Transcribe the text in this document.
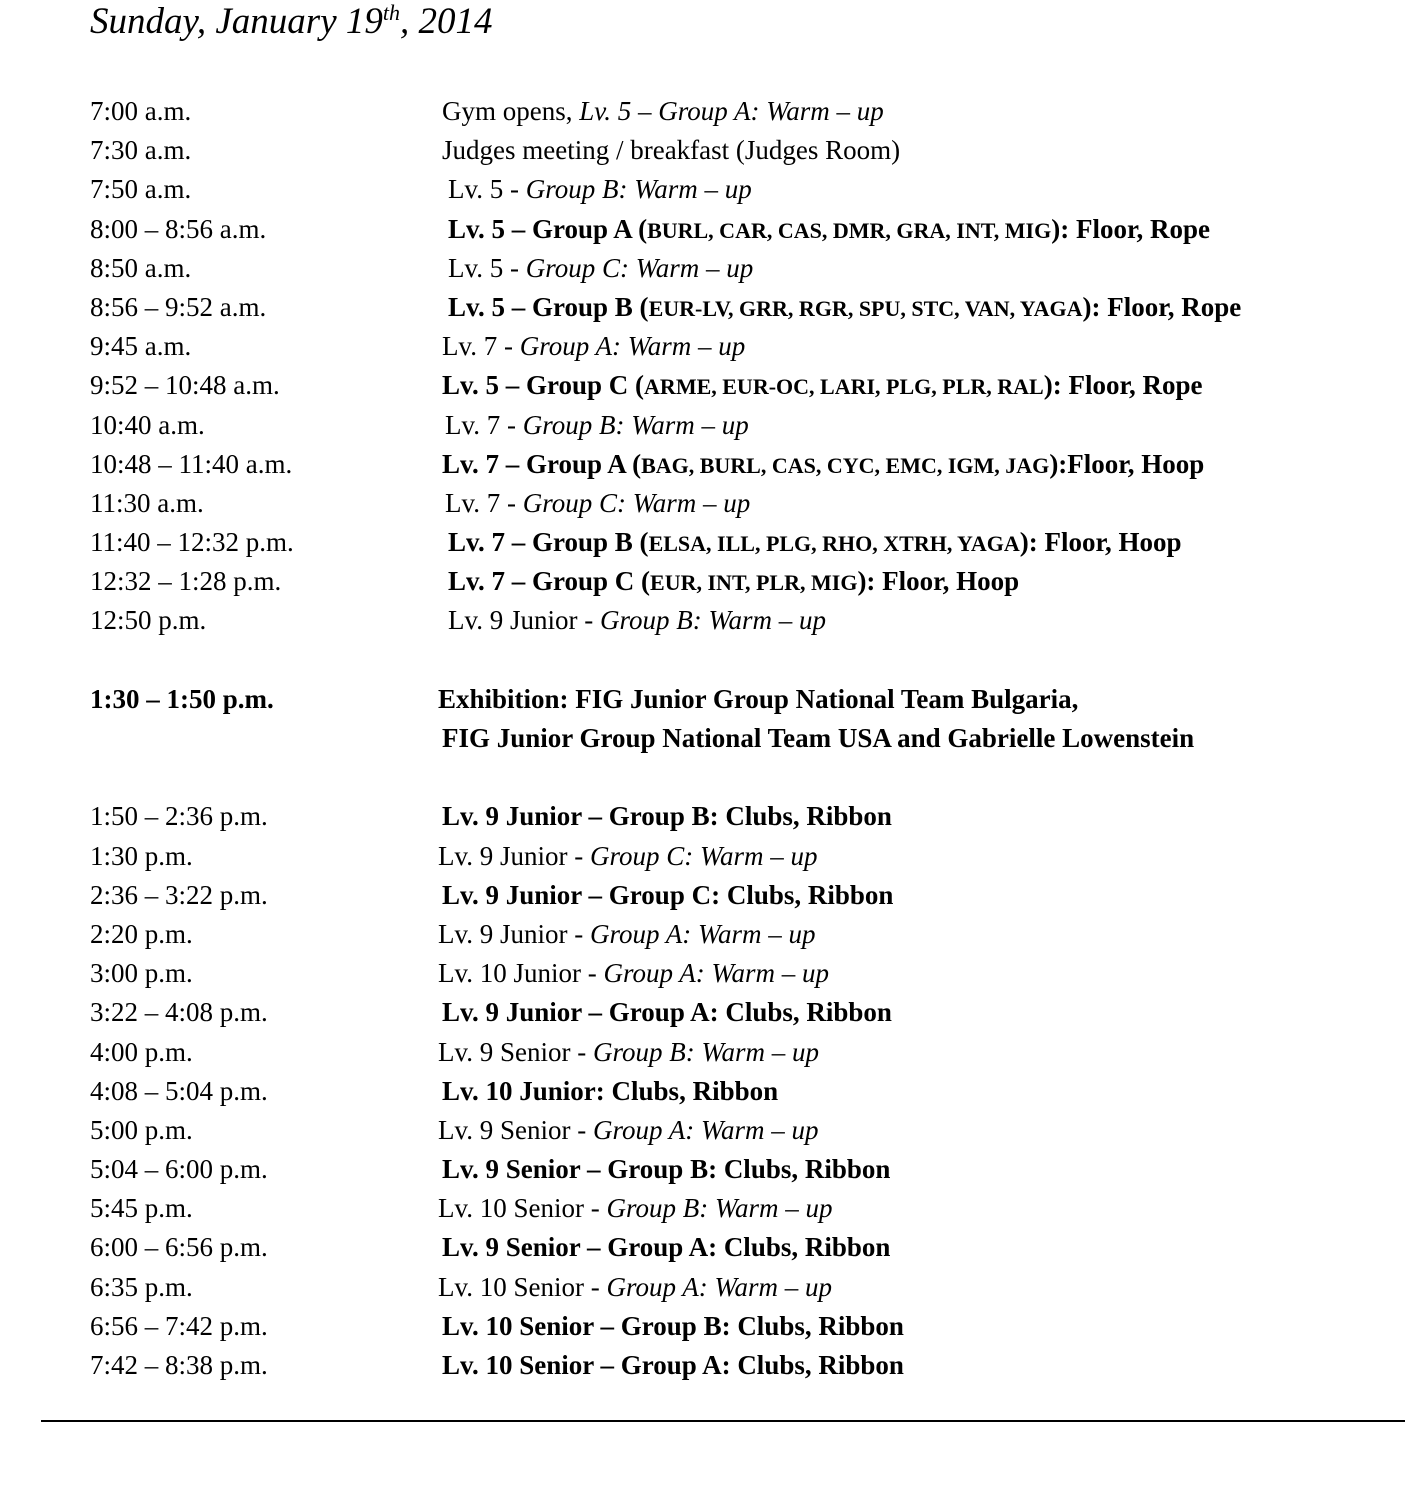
Sunday, January 19th, 2014
7:00 a.m.	Gym opens, Lv. 5 – Group A: Warm – up
7:30 a.m.	Judges meeting / breakfast (Judges Room)
7:50 a.m.	Lv. 5 - Group B: Warm – up
8:00 – 8:56 a.m.	Lv. 5 – Group A (BURL, CAR, CAS, DMR, GRA, INT, MIG): Floor, Rope
8:50 a.m.	Lv. 5 - Group C: Warm – up
8:56 – 9:52 a.m.	Lv. 5 – Group B (EUR-LV, GRR, RGR, SPU, STC, VAN, YAGA): Floor, Rope
9:45 a.m.	Lv. 7 - Group A: Warm – up
9:52 – 10:48 a.m.	Lv. 5 – Group C (ARME, EUR-OC, LARI, PLG, PLR, RAL): Floor, Rope
10:40 a.m.	Lv. 7 - Group B: Warm – up
10:48 – 11:40 a.m.	Lv. 7 – Group A (BAG, BURL, CAS, CYC, EMC, IGM, JAG):Floor, Hoop
11:30 a.m.	Lv. 7 - Group C: Warm – up
11:40 – 12:32 p.m.	Lv. 7 – Group B (ELSA, ILL, PLG, RHO, XTRH, YAGA): Floor, Hoop
12:32 – 1:28 p.m.	Lv. 7 – Group C (EUR, INT, PLR, MIG): Floor, Hoop
12:50 p.m.	Lv. 9 Junior - Group B: Warm – up
1:30 – 1:50 p.m.	Exhibition: FIG Junior Group National Team Bulgaria,
FIG Junior Group National Team USA and Gabrielle Lowenstein
1:50 – 2:36 p.m.	Lv. 9 Junior – Group B: Clubs, Ribbon
1:30 p.m.	Lv. 9 Junior - Group C: Warm – up
2:36 – 3:22 p.m.	Lv. 9 Junior – Group C: Clubs, Ribbon
2:20 p.m.	Lv. 9 Junior - Group A: Warm – up
3:00 p.m.	Lv. 10 Junior - Group A: Warm – up
3:22 – 4:08 p.m.	Lv. 9 Junior – Group A: Clubs, Ribbon
4:00 p.m.	Lv. 9 Senior - Group B: Warm – up
4:08 – 5:04 p.m.	Lv. 10 Junior: Clubs, Ribbon
5:00 p.m.	Lv. 9 Senior - Group A: Warm – up
5:04 – 6:00 p.m.	Lv. 9 Senior – Group B: Clubs, Ribbon
5:45 p.m.	Lv. 10 Senior - Group B: Warm – up
6:00 – 6:56 p.m.	Lv. 9 Senior – Group A: Clubs, Ribbon
6:35 p.m.	Lv. 10 Senior - Group A: Warm – up
6:56 – 7:42 p.m.	Lv. 10 Senior – Group B: Clubs, Ribbon
7:42 – 8:38 p.m.	Lv. 10 Senior – Group A: Clubs, Ribbon
